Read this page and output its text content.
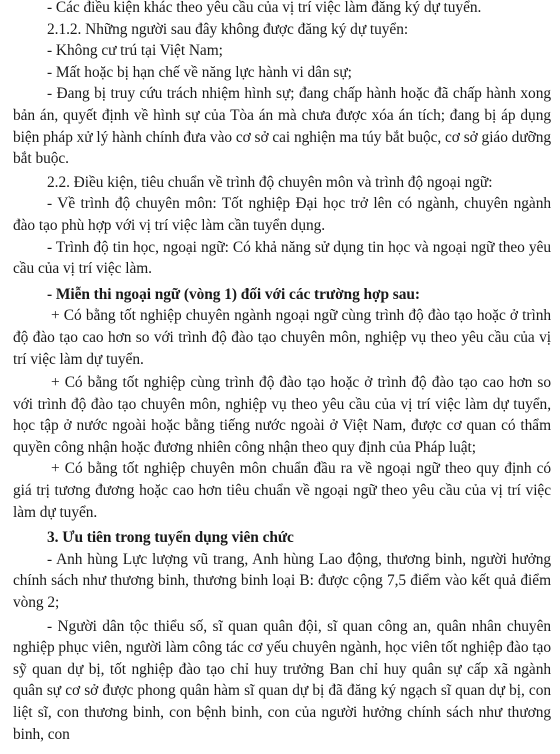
- Các điều kiện khác theo yêu cầu của vị trí việc làm đăng ký dự tuyển.

2.1.2. Những người sau đây không được đăng ký dự tuyển:

- Không cư trú tại Việt Nam;

- Mất hoặc bị hạn chế về năng lực hành vi dân sự;

- Đang bị truy cứu trách nhiệm hình sự; đang chấp hành hoặc đã chấp hành xong bản án, quyết định về hình sự của Tòa án mà chưa được xóa án tích; đang bị áp dụng biện pháp xử lý hành chính đưa vào cơ sở cai nghiện ma túy bắt buộc, cơ sở giáo dưỡng bắt buộc.

2.2. Điều kiện, tiêu chuẩn về trình độ chuyên môn và trình độ ngoại ngữ:

- Về trình độ chuyên môn: Tốt nghiệp Đại học trở lên có ngành, chuyên ngành đào tạo phù hợp với vị trí việc làm cần tuyển dụng.

- Trình độ tin học, ngoại ngữ: Có khả năng sử dụng tin học và ngoại ngữ theo yêu cầu của vị trí việc làm.

- Miễn thi ngoại ngữ (vòng 1) đối với các trường hợp sau:

+ Có bằng tốt nghiệp chuyên ngành ngoại ngữ cùng trình độ đào tạo hoặc ở trình độ đào tạo cao hơn so với trình độ đào tạo chuyên môn, nghiệp vụ theo yêu cầu của vị trí việc làm dự tuyển.

+ Có bằng tốt nghiệp cùng trình độ đào tạo hoặc ở trình độ đào tạo cao hơn so với trình độ đào tạo chuyên môn, nghiệp vụ theo yêu cầu của vị trí việc làm dự tuyển, học tập ở nước ngoài hoặc bằng tiếng nước ngoài ở Việt Nam, được cơ quan có thẩm quyền công nhận hoặc đương nhiên công nhận theo quy định của Pháp luật;

+ Có bằng tốt nghiệp chuyên môn chuẩn đầu ra về ngoại ngữ theo quy định có giá trị tương đương hoặc cao hơn tiêu chuẩn về ngoại ngữ theo yêu cầu của vị trí việc làm dự tuyển.

3. Ưu tiên trong tuyển dụng viên chức

- Anh hùng Lực lượng vũ trang, Anh hùng Lao động, thương binh, người hưởng chính sách như thương binh, thương binh loại B: được cộng 7,5 điểm vào kết quả điểm vòng 2;

- Người dân tộc thiểu số, sĩ quan quân đội, sĩ quan công an, quân nhân chuyên nghiệp phục viên, người làm công tác cơ yếu chuyên ngành, học viên tốt nghiệp đào tạo sỹ quan dự bị, tốt nghiệp đào tạo chỉ huy trưởng Ban chỉ huy quân sự cấp xã ngành quân sự cơ sở được phong quân hàm sĩ quan dự bị đã đăng ký ngạch sĩ quan dự bị, con liệt sĩ, con thương binh, con bệnh binh, con của người hưởng chính sách như thương binh, con
